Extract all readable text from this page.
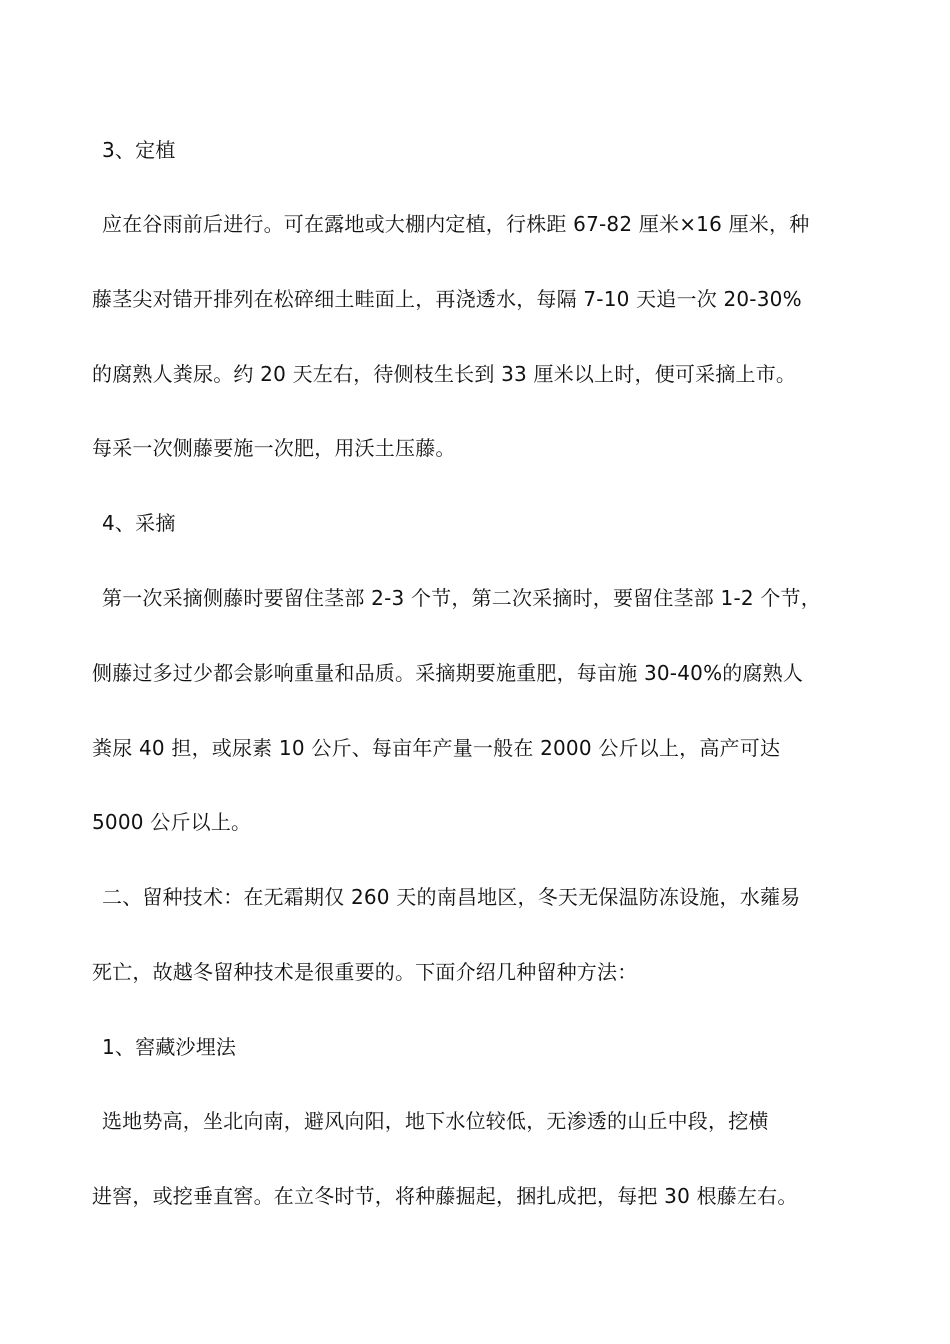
3、定植
应在谷雨前后进行。可在露地或大棚内定植，行株距 67-82 厘米×16 厘米，种
藤茎尖对错开排列在松碎细土畦面上，再浇透水，每隔 7-10 天追一次 20-30%
的腐熟人粪尿。约 20 天左右，待侧枝生长到 33 厘米以上时，便可采摘上市。
每采一次侧藤要施一次肥，用沃土压藤。
4、采摘
第一次采摘侧藤时要留住茎部 2-3 个节，第二次采摘时，要留住茎部 1-2 个节，
侧藤过多过少都会影响重量和品质。采摘期要施重肥，每亩施 30-40%的腐熟人
粪尿 40 担，或尿素 10 公斤、每亩年产量一般在 2000 公斤以上，高产可达
5000 公斤以上。
二、留种技术：在无霜期仅 260 天的南昌地区，冬天无保温防冻设施，水蕹易
死亡，故越冬留种技术是很重要的。下面介绍几种留种方法：
1、窖藏沙埋法
选地势高，坐北向南，避风向阳，地下水位较低，无渗透的山丘中段，挖横
进窖，或挖垂直窖。在立冬时节，将种藤掘起，捆扎成把，每把 30 根藤左右。
